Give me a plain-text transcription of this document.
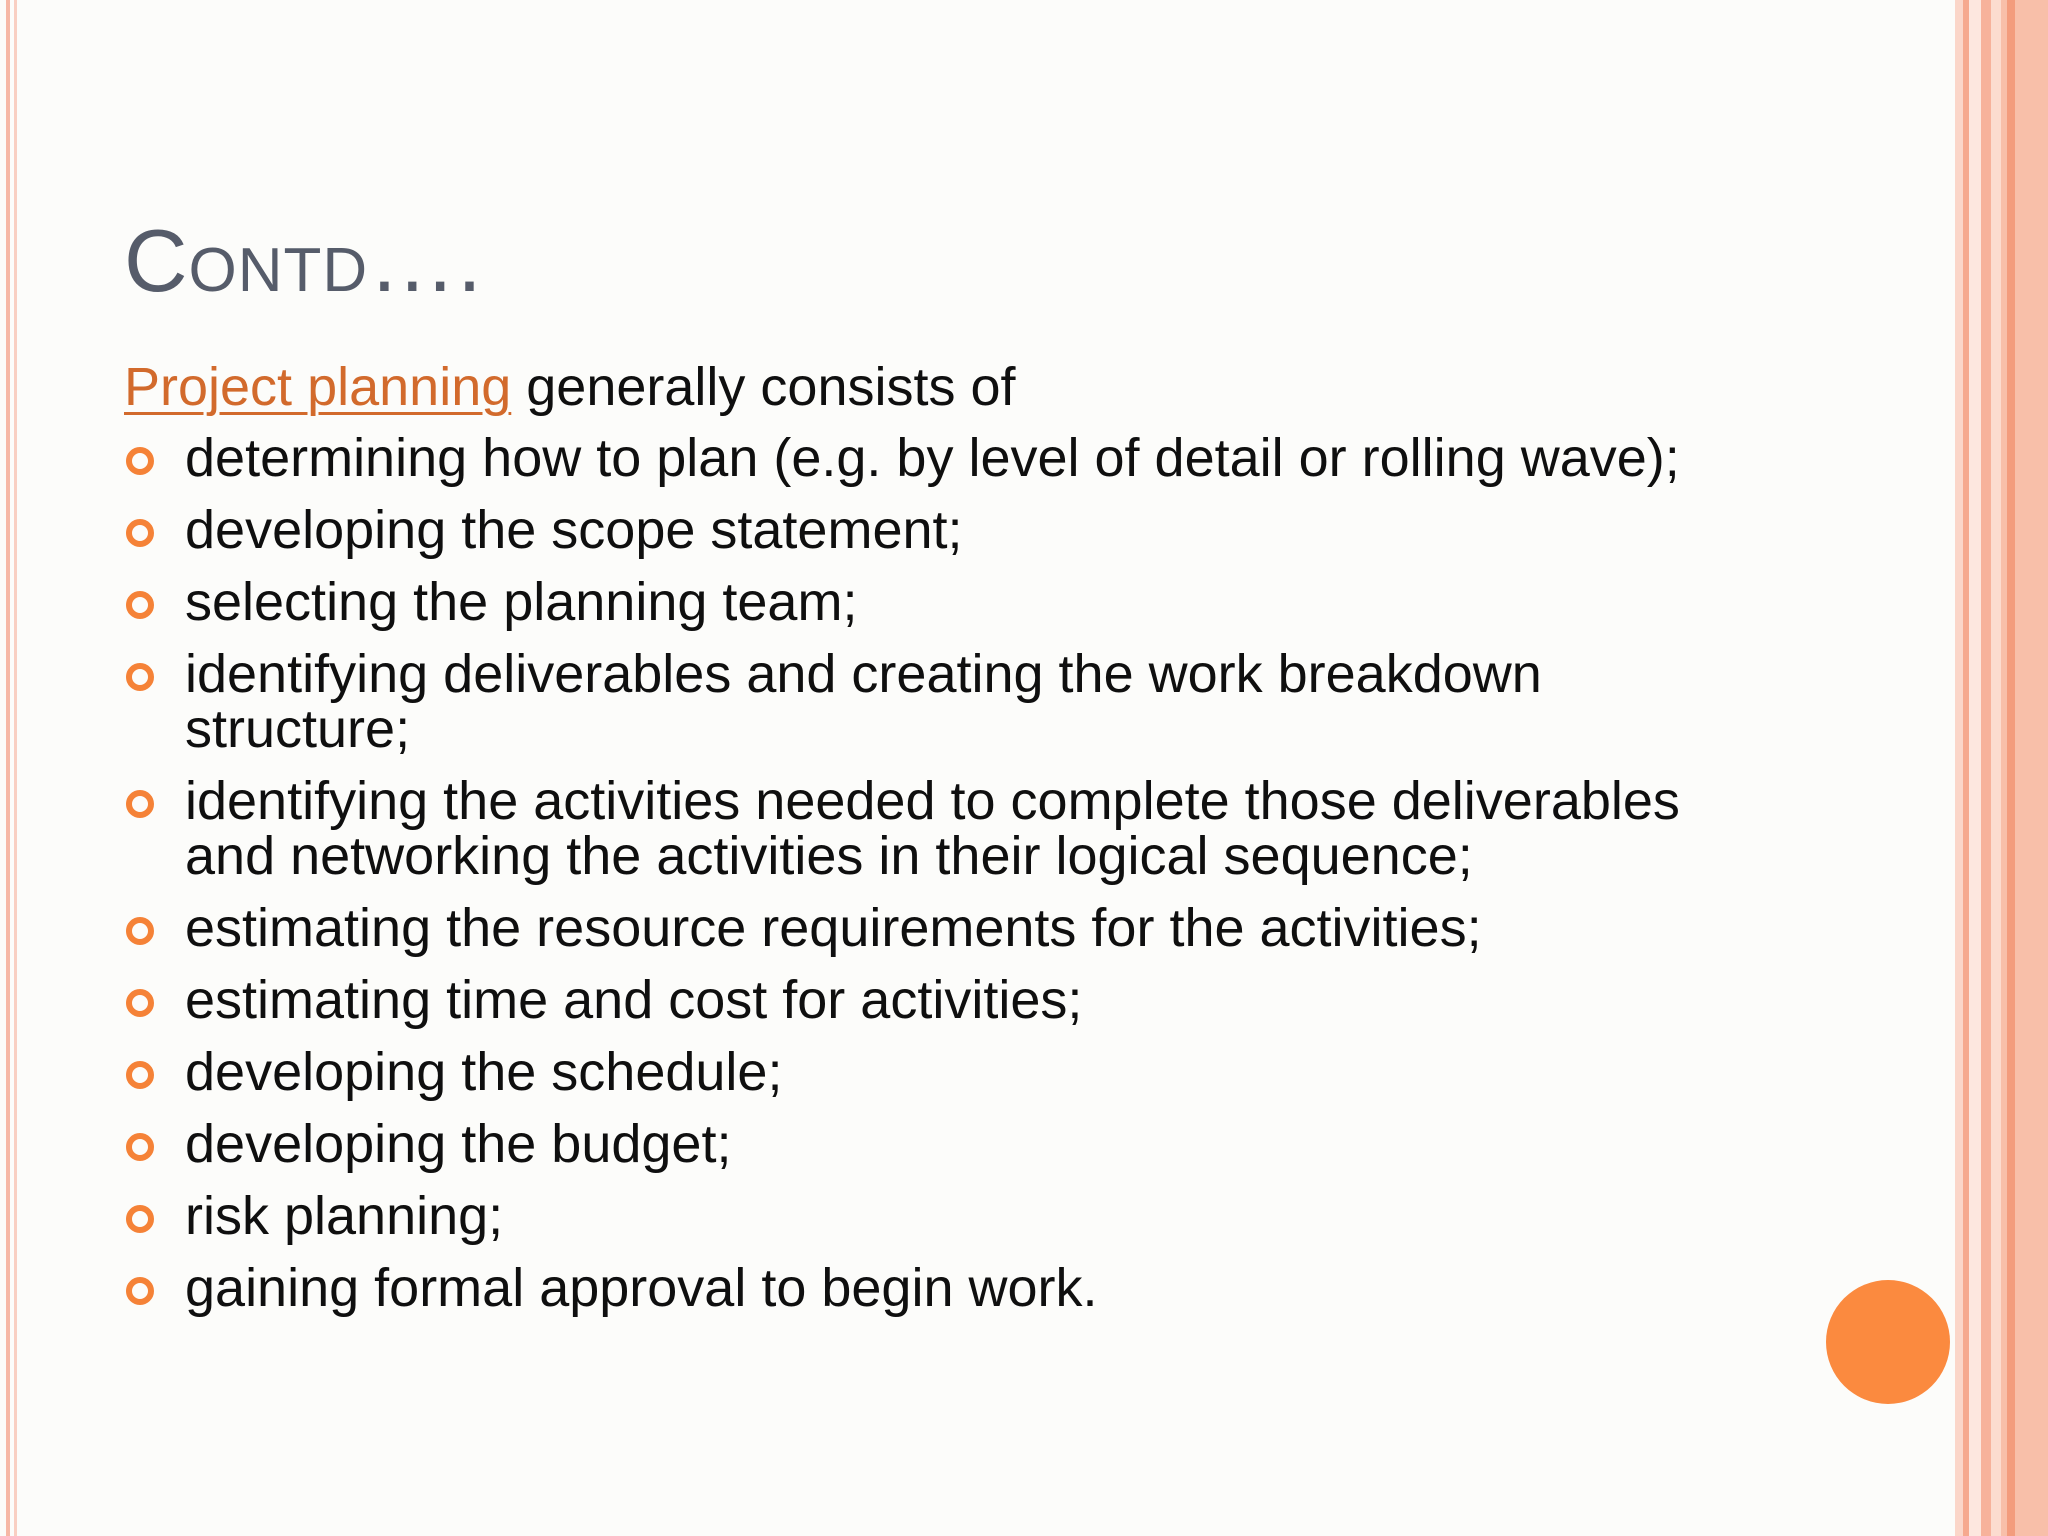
Contd….

Project planning generally consists of

determining how to plan (e.g. by level of detail or rolling wave);
developing the scope statement;
selecting the planning team;
identifying deliverables and creating the work breakdown structure;
identifying the activities needed to complete those deliverables and networking the activities in their logical sequence;
estimating the resource requirements for the activities;
estimating time and cost for activities;
developing the schedule;
developing the budget;
risk planning;
gaining formal approval to begin work.
